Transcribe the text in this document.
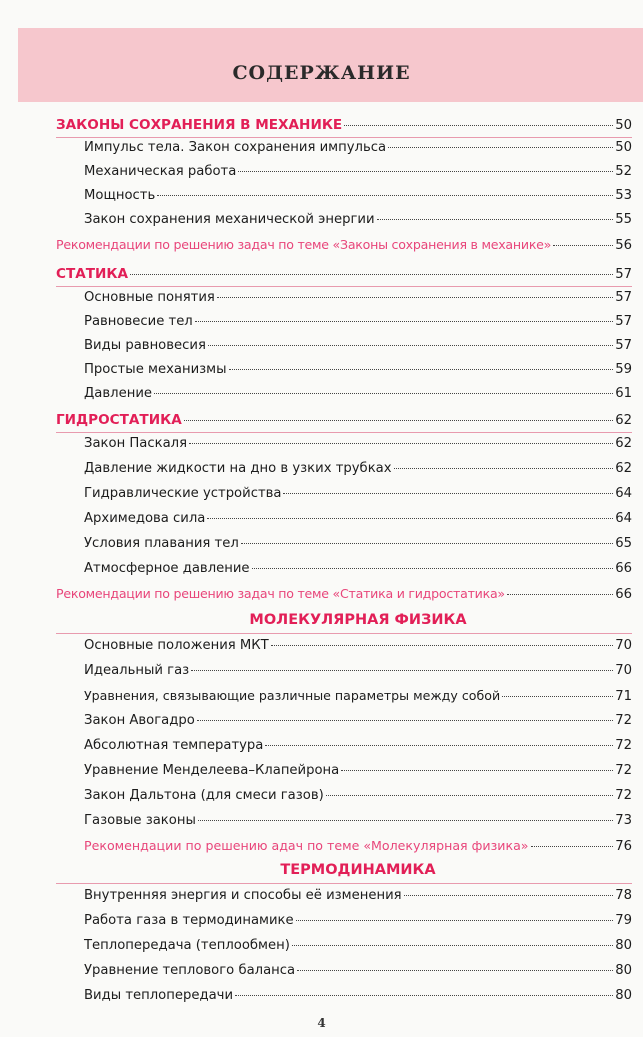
СОДЕРЖАНИЕ
ЗАКОНЫ СОХРАНЕНИЯ В МЕХАНИКЕ	50
Импульс тела. Закон сохранения импульса	50
Механическая работа	52
Мощность	53
Закон сохранения механической энергии	55
Рекомендации по решению задач по теме «Законы сохранения в механике»	56
СТАТИКА	57
Основные понятия	57
Равновесие тел	57
Виды равновесия	57
Простые механизмы	59
Давление	61
ГИДРОСТАТИКА	62
Закон Паскаля	62
Давление жидкости на дно в узких трубках	62
Гидравлические устройства	64
Архимедова сила	64
Условия плавания тел	65
Атмосферное давление	66
Рекомендации по решению задач по теме «Статика и гидростатика»	66
МОЛЕКУЛЯРНАЯ ФИЗИКА
Основные положения МКТ	70
Идеальный газ	70
Уравнения, связывающие различные параметры между собой	71
Закон Авогадро	72
Абсолютная температура	72
Уравнение Менделеева–Клапейрона	72
Закон Дальтона (для смеси газов)	72
Газовые законы	73
Рекомендации по решению адач по теме «Молекулярная физика»	76
ТЕРМОДИНАМИКА
Внутренняя энергия и способы её изменения	78
Работа газа в термодинамике	79
Теплопередача (теплообмен)	80
Уравнение теплового баланса	80
Виды теплопередачи	80
4
